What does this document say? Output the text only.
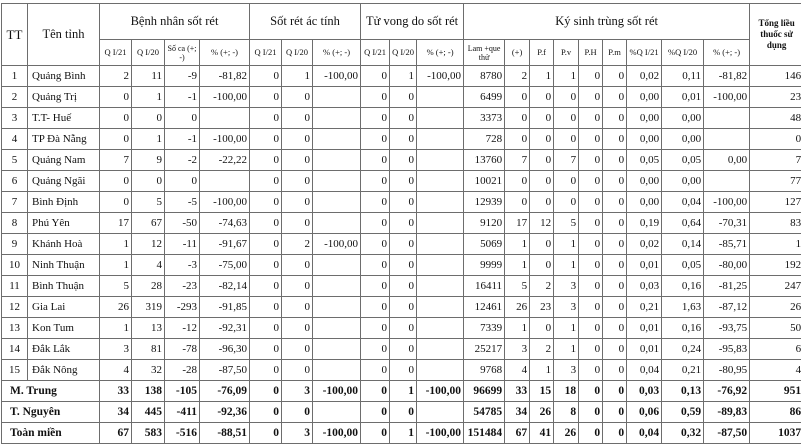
TT	Tên tỉnh	Bệnh nhân sốt rét				Sốt rét ác tính			Tử vong do sốt rét			Ký sinh trùng sốt rét									Tổng liều thuốc sử dụng
		Q I/21	Q I/20	Số ca (+; -)	% (+; -)	Q I/21	Q I/20	% (+; -)	Q I/21	Q I/20	% (+; -)	Lam +que thử	(+)	P.f	P.v	P.H	P.m	%Q I/21	%Q I/20	% (+; -)	
1	Quảng Bình	2	11	-9	-81,82	0	1	-100,00	0	1	-100,00	8780	2	1	1	0	0	0,02	0,11	-81,82	146
2	Quảng Trị	0	1	-1	-100,00	0	0		0	0		6499	0	0	0	0	0	0,00	0,01	-100,00	23
3	T.T- Huế	0	0	0		0	0		0	0		3373	0	0	0	0	0	0,00	0,00		48
4	TP Đà Nẵng	0	1	-1	-100,00	0	0		0	0		728	0	0	0	0	0	0,00	0,00		0
5	Quảng Nam	7	9	-2	-22,22	0	0		0	0		13760	7	0	7	0	0	0,05	0,05	0,00	7
6	Quảng Ngãi	0	0	0		0	0		0	0		10021	0	0	0	0	0	0,00	0,00		77
7	Bình Định	0	5	-5	-100,00	0	0		0	0		12939	0	0	0	0	0	0,00	0,04	-100,00	127
8	Phú Yên	17	67	-50	-74,63	0	0		0	0		9120	17	12	5	0	0	0,19	0,64	-70,31	83
9	Khánh Hoà	1	12	-11	-91,67	0	2	-100,00	0	0		5069	1	0	1	0	0	0,02	0,14	-85,71	1
10	Ninh Thuận	1	4	-3	-75,00	0	0		0	0		9999	1	0	1	0	0	0,01	0,05	-80,00	192
11	Bình Thuận	5	28	-23	-82,14	0	0		0	0		16411	5	2	3	0	0	0,03	0,16	-81,25	247
12	Gia Lai	26	319	-293	-91,85	0	0		0	0		12461	26	23	3	0	0	0,21	1,63	-87,12	26
13	Kon Tum	1	13	-12	-92,31	0	0		0	0		7339	1	0	1	0	0	0,01	0,16	-93,75	50
14	Đắk Lắk	3	81	-78	-96,30	0	0		0	0		25217	3	2	1	0	0	0,01	0,24	-95,83	6
15	Đắk Nông	4	32	-28	-87,50	0	0		0	0		9768	4	1	3	0	0	0,04	0,21	-80,95	4
M. Trung		33	138	-105	-76,09	0	3	-100,00	0	1	-100,00	96699	33	15	18	0	0	0,03	0,13	-76,92	951
T. Nguyên		34	445	-411	-92,36	0	0		0	0		54785	34	26	8	0	0	0,06	0,59	-89,83	86
Toàn miền		67	583	-516	-88,51	0	3	-100,00	0	1	-100,00	151484	67	41	26	0	0	0,04	0,32	-87,50	1037
